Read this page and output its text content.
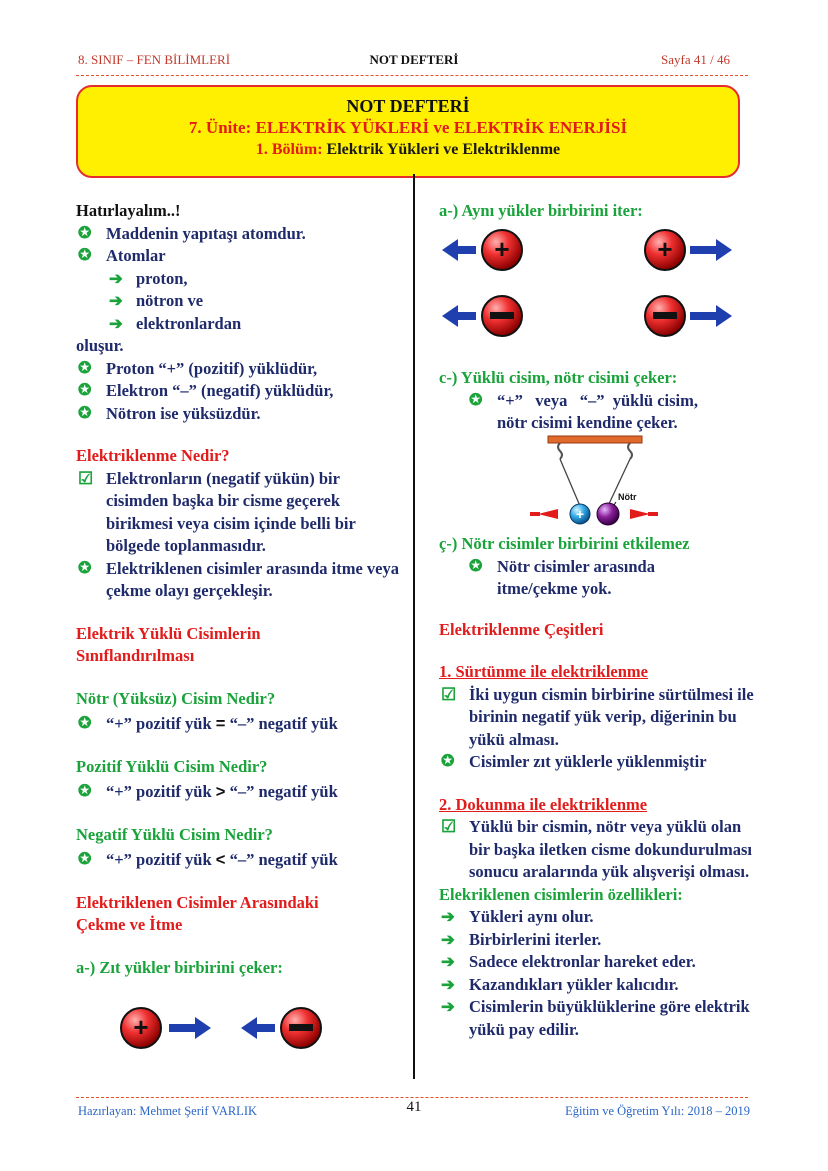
8. SINIF – FEN BİLİMLERİ	NOT DEFTERİ	Sayfa 41 / 46
NOT DEFTERİ
7. Ünite: ELEKTRİK YÜKLERİ ve ELEKTRİK ENERJİSİ
1. Bölüm: Elektrik Yükleri ve Elektriklenme
Hatırlayalım..!
✪ Maddenin yapıtaşı atomdur.
✪ Atomlar
➔ proton,
➔ nötron ve
➔ elektronlardan
oluşur.
✪ Proton “+” (pozitif) yüklüdür,
✪ Elektron “–” (negatif) yüklüdür,
✪ Nötron ise yüksüzdür.
Elektriklenme Nedir?
☑ Elektronların (negatif yükün) bir cisimden başka bir cisme geçerek birikmesi veya cisim içinde belli bir bölgede toplanmasıdır.
✪ Elektriklenen cisimler arasında itme veya çekme olayı gerçekleşir.
Elektrik Yüklü Cisimlerin
Sınıflandırılması
Nötr (Yüksüz) Cisim Nedir?
✪ “+” pozitif yük = “–” negatif yük
Pozitif Yüklü Cisim Nedir?
✪ “+” pozitif yük > “–” negatif yük
Negatif Yüklü Cisim Nedir?
✪ “+” pozitif yük < “–” negatif yük
Elektriklenen Cisimler Arasındaki
Çekme ve İtme
a-) Zıt yükler birbirini çeker:
a-) Aynı yükler birbirini iter:
c-) Yüklü cisim, nötr cisimi çeker:
✪ “+”   veya   “–”  yüklü cisim,
nötr cisimi kendine çeker.
ç-) Nötr cisimler birbirini etkilemez
✪ Nötr cisimler arasında
itme/çekme yok.
Elektriklenme Çeşitleri
1. Sürtünme ile elektriklenme
☑ İki uygun cismin birbirine sürtülmesi ile birinin negatif yük verip, diğerinin bu yükü alması.
✪ Cisimler zıt yüklerle yüklenmiştir
2. Dokunma ile elektriklenme
☑ Yüklü bir cismin, nötr veya yüklü olan bir başka iletken cisme dokundurulması sonucu aralarında yük alışverişi olması.
Elekriklenen cisimlerin özellikleri:
➔ Yükleri aynı olur.
➔ Birbirlerini iterler.
➔ Sadece elektronlar hareket eder.
➔ Kazandıkları yükler kalıcıdır.
➔ Cisimlerin büyüklüklerine göre elektrik yükü pay edilir.
+	+
+
Nötr
+
Hazırlayan: Mehmet Şerif VARLIK	41	Eğitim ve Öğretim Yılı: 2018 – 2019
